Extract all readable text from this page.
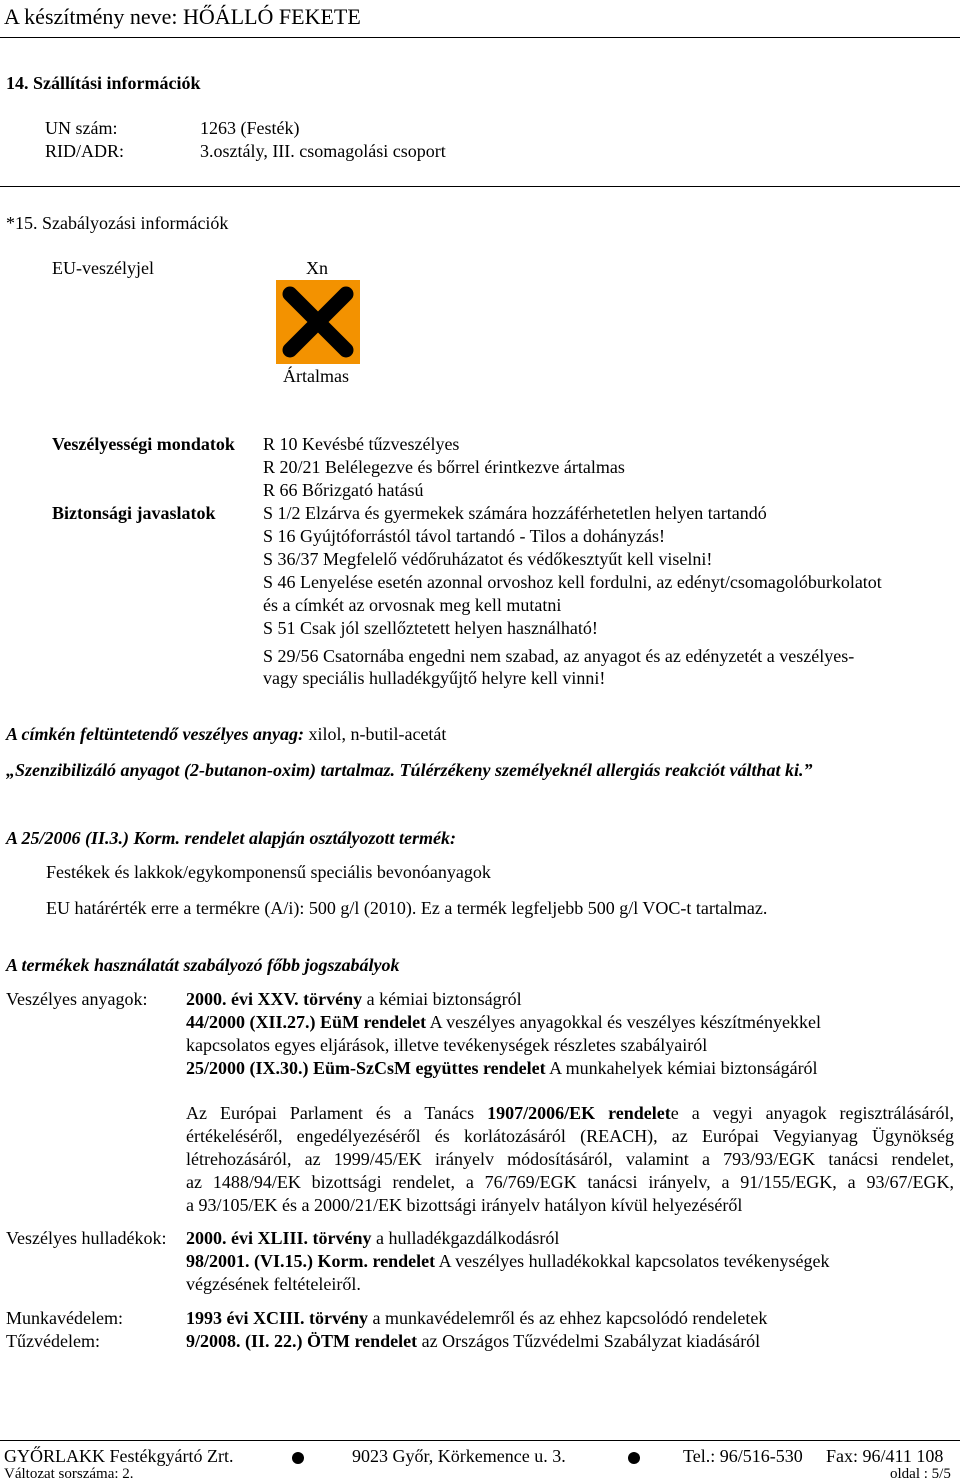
A készítmény neve: HŐÁLLÓ FEKETE
14. Szállítási információk
UN szám:	1263 (Festék)
RID/ADR:	3.osztály, III. csomagolási csoport
*15. Szabályozási információk
EU-veszélyjel	Xn
Ártalmas
Veszélyességi mondatok R 10 Kevésbé tűzveszélyes
R 20/21 Belélegezve és bőrrel érintkezve ártalmas
R 66 Bőrizgató hatású
Biztonsági javaslatok	S 1/2 Elzárva és gyermekek számára hozzáférhetetlen helyen tartandó
S 16 Gyújtóforrástól távol tartandó - Tilos a dohányzás!
S 36/37 Megfelelő védőruházatot és védőkesztyűt kell viselni!
S 46 Lenyelése esetén azonnal orvoshoz kell fordulni, az edényt/csomagolóburkolatot
és a címkét az orvosnak meg kell mutatni
S 51 Csak jól szellőztetett helyen használható!
S 29/56 Csatornába engedni nem szabad, az anyagot és az edényzetét a veszélyes-
vagy speciális hulladékgyűjtő helyre kell vinni!
A címkén feltüntetendő veszélyes anyag: xilol, n-butil-acetát
„Szenzibilizáló anyagot (2-butanon-oxim) tartalmaz. Túlérzékeny személyeknél allergiás reakciót válthat ki.”
A 25/2006 (II.3.) Korm. rendelet alapján osztályozott termék:
Festékek és lakkok/egykomponensű speciális bevonóanyagok
EU határérték erre a termékre (A/i): 500 g/l (2010). Ez a termék legfeljebb 500 g/l VOC-t tartalmaz.
A termékek használatát szabályozó főbb jogszabályok
Veszélyes anyagok: 2000. évi XXV. törvény a kémiai biztonságról
44/2000 (XII.27.) EüM rendelet A veszélyes anyagokkal és veszélyes készítményekkel
kapcsolatos egyes eljárások, illetve tevékenységek részletes szabályairól
25/2000 (IX.30.) Eüm-SzCsM együttes rendelet A munkahelyek kémiai biztonságáról
Az Európai Parlament és a Tanács 1907/2006/EK rendelete a vegyi anyagok regisztrálásáról,
értékeléséről, engedélyezéséről és korlátozásáról (REACH), az Európai Vegyianyag Ügynökség
létrehozásáról, az 1999/45/EK irányelv módosításáról, valamint a 793/93/EGK tanácsi rendelet,
az 1488/94/EK bizottsági rendelet, a 76/769/EGK tanácsi irányelv, a 91/155/EGK, a 93/67/EGK,
a 93/105/EK és a 2000/21/EK bizottsági irányelv hatályon kívül helyezéséről
Veszélyes hulladékok: 2000. évi XLIII. törvény a hulladékgazdálkodásról
98/2001. (VI.15.) Korm. rendelet A veszélyes hulladékokkal kapcsolatos tevékenységek
végzésének feltételeiről.
Munkavédelem:	1993 évi XCIII. törvény a munkavédelemről és az ehhez kapcsolódó rendeletek
Tűzvédelem:	9/2008. (II. 22.) ÖTM rendelet az Országos Tűzvédelmi Szabályzat kiadásáról
GYŐRLAKK Festékgyártó Zrt.	9023 Győr, Körkemence u. 3.	Tel.: 96/516-530 Fax: 96/411 108
Változat sorszáma: 2.	oldal : 5/5
